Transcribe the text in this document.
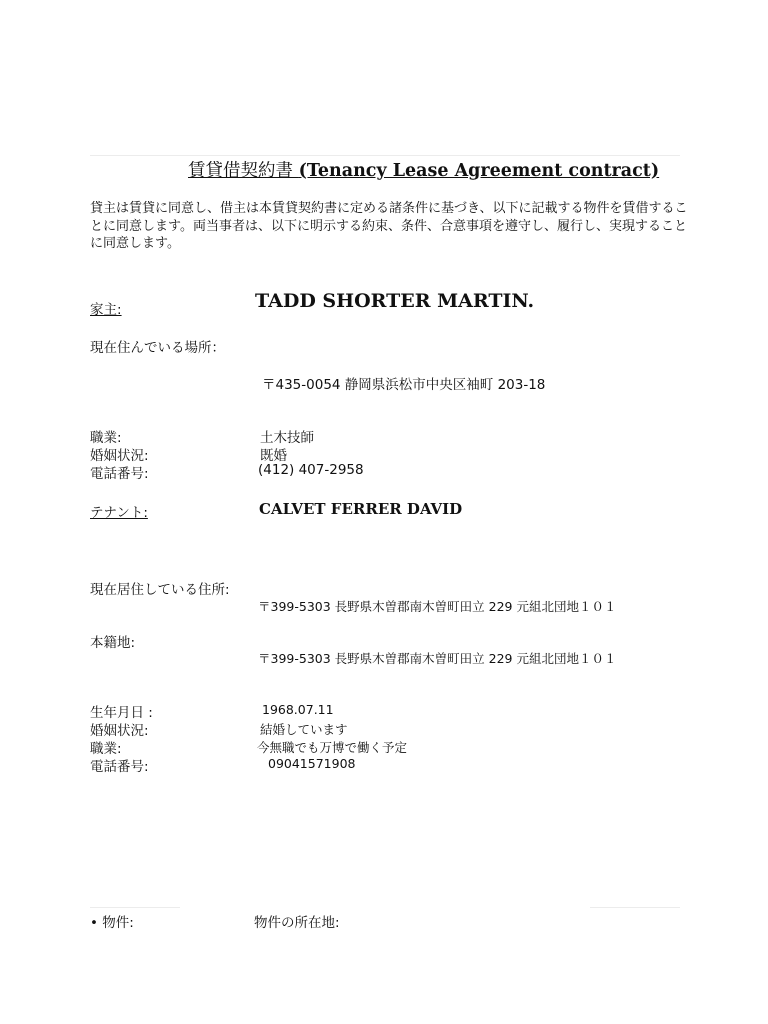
賃貸借契約書 (Tenancy Lease Agreement contract)
貸主は賃貸に同意し、借主は本賃貸契約書に定める諸条件に基づき、以下に記載する物件を賃借することに同意します。両当事者は、以下に明示する約束、条件、合意事項を遵守し、履行し、実現することに同意します。
家主:	TADD SHORTER MARTIN.
現在住んでいる場所：
〒435-0054 静岡県浜松市中央区袖町 203-18
職業:	土木技師
婚姻状況:	既婚
電話番号:	(412) 407-2958
テナント:	CALVET FERRER DAVID
現在居住している住所:
〒399-5303 長野県木曽郡南木曽町田立 229 元組北団地１０１
本籍地:
〒399-5303 長野県木曽郡南木曽町田立 229 元組北団地１０１
生年月日 :	1968.07.11
婚姻状況:	結婚しています
職業:	今無職でも万博で働く予定
電話番号:	09041571908
• 物件:	物件の所在地:
